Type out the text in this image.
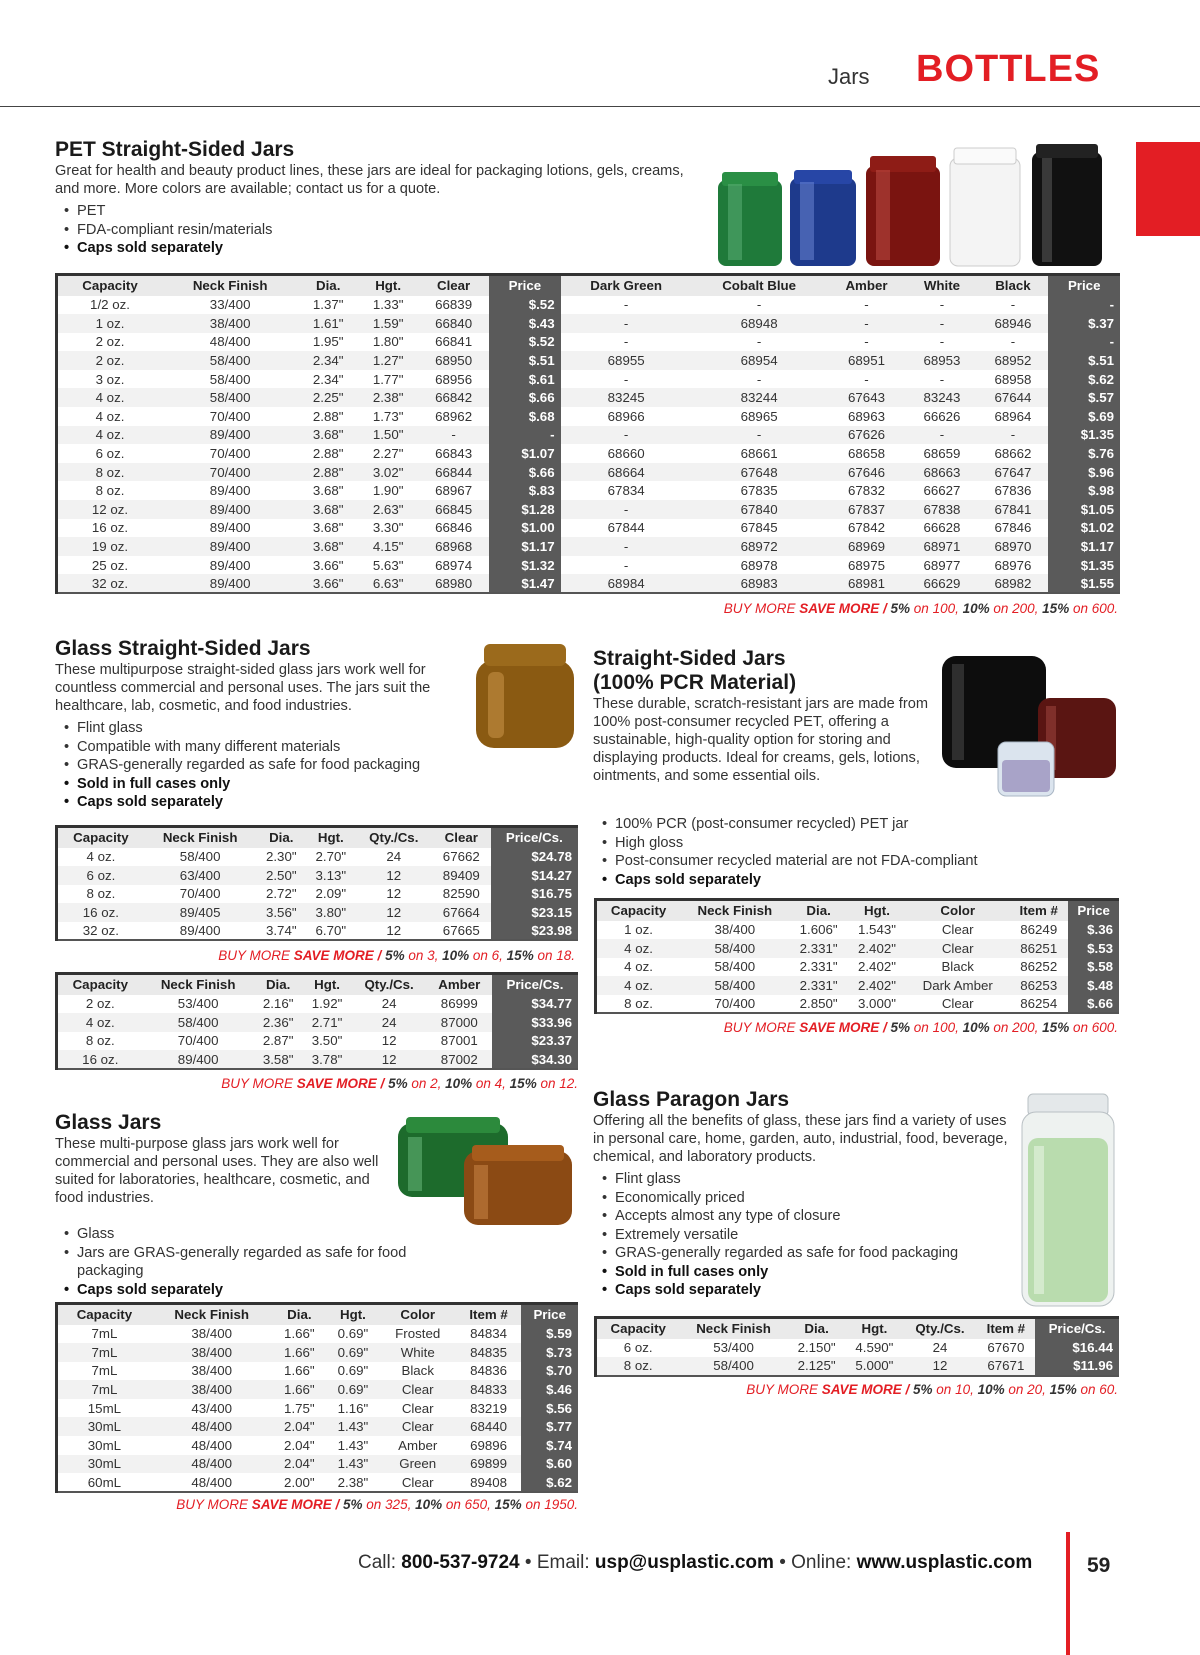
Jars BOTTLES
PET Straight-Sided Jars

Great for health and beauty product lines, these jars are ideal for packaging lotions, gels, creams, and more. More colors are available; contact us for a quote.

• PET
• FDA-compliant resin/materials
• Caps sold separately
Capacity	Neck Finish	Dia.	Hgt.	Clear	Price	Dark Green	Cobalt Blue	Amber	White	Black	Price
1/2 oz.	33/400	1.37"	1.33"	66839	$.52	-	-	-	-	-	-
1 oz.	38/400	1.61"	1.59"	66840	$.43	-	68948	-	-	68946	$.37
2 oz.	48/400	1.95"	1.80"	66841	$.52	-	-	-	-	-	-
2 oz.	58/400	2.34"	1.27"	68950	$.51	68955	68954	68951	68953	68952	$.51
3 oz.	58/400	2.34"	1.77"	68956	$.61	-	-	-	-	68958	$.62
4 oz.	58/400	2.25"	2.38"	66842	$.66	83245	83244	67643	83243	67644	$.57
4 oz.	70/400	2.88"	1.73"	68962	$.68	68966	68965	68963	66626	68964	$.69
4 oz.	89/400	3.68"	1.50"	-	-	-	-	67626	-	-	$1.35
6 oz.	70/400	2.88"	2.27"	66843	$1.07	68660	68661	68658	68659	68662	$.76
8 oz.	70/400	2.88"	3.02"	66844	$.66	68664	67648	67646	68663	67647	$.96
8 oz.	89/400	3.68"	1.90"	68967	$.83	67834	67835	67832	66627	67836	$.98
12 oz.	89/400	3.68"	2.63"	66845	$1.28	-	67840	67837	67838	67841	$1.05
16 oz.	89/400	3.68"	3.30"	66846	$1.00	67844	67845	67842	66628	67846	$1.02
19 oz.	89/400	3.68"	4.15"	68968	$1.17	-	68972	68969	68971	68970	$1.17
25 oz.	89/400	3.66"	5.63"	68974	$1.32	-	68978	68975	68977	68976	$1.35
32 oz.	89/400	3.66"	6.63"	68980	$1.47	68984	68983	68981	66629	68982	$1.55
BUY MORE SAVE MORE / 5% on 100, 10% on 200, 15% on 600.
Glass Straight-Sided Jars

These multipurpose straight-sided glass jars work well for countless commercial and personal uses. The jars suit the healthcare, lab, cosmetic, and food industries.

• Flint glass
• Compatible with many different materials
• GRAS-generally regarded as safe for food packaging
• Sold in full cases only
• Caps sold separately
Capacity	Neck Finish	Dia.	Hgt.	Qty./Cs.	Clear	Price/Cs.
4 oz.	58/400	2.30"	2.70"	24	67662	$24.78
6 oz.	63/400	2.50"	3.13"	12	89409	$14.27
8 oz.	70/400	2.72"	2.09"	12	82590	$16.75
16 oz.	89/405	3.56"	3.80"	12	67664	$23.15
32 oz.	89/400	3.74"	6.70"	12	67665	$23.98
BUY MORE SAVE MORE / 5% on 3, 10% on 6, 15% on 18.
Capacity	Neck Finish	Dia.	Hgt.	Qty./Cs.	Amber	Price/Cs.
2 oz.	53/400	2.16"	1.92"	24	86999	$34.77
4 oz.	58/400	2.36"	2.71"	24	87000	$33.96
8 oz.	70/400	2.87"	3.50"	12	87001	$23.37
16 oz.	89/400	3.58"	3.78"	12	87002	$34.30
BUY MORE SAVE MORE / 5% on 2, 10% on 4, 15% on 12.
Straight-Sided Jars
(100% PCR Material)

These durable, scratch-resistant jars are made from 100% post-consumer recycled PET, offering a sustainable, high-quality option for storing and displaying products. Ideal for creams, gels, lotions, ointments, and some essential oils.

• 100% PCR (post-consumer recycled) PET jar
• High gloss
• Post-consumer recycled material are not FDA-compliant
• Caps sold separately
Capacity	Neck Finish	Dia.	Hgt.	Color	Item #	Price
1 oz.	38/400	1.606"	1.543"	Clear	86249	$.36
4 oz.	58/400	2.331"	2.402"	Clear	86251	$.53
4 oz.	58/400	2.331"	2.402"	Black	86252	$.58
4 oz.	58/400	2.331"	2.402"	Dark Amber	86253	$.48
8 oz.	70/400	2.850"	3.000"	Clear	86254	$.66
BUY MORE SAVE MORE / 5% on 100, 10% on 200, 15% on 600.
Glass Jars

These multi-purpose glass jars work well for commercial and personal uses. They are also well suited for laboratories, healthcare, cosmetic, and food industries.

• Glass
• Jars are GRAS-generally regarded as safe for food packaging
• Caps sold separately
Capacity	Neck Finish	Dia.	Hgt.	Color	Item #	Price
7mL	38/400	1.66"	0.69"	Frosted	84834	$.59
7mL	38/400	1.66"	0.69"	White	84835	$.73
7mL	38/400	1.66"	0.69"	Black	84836	$.70
7mL	38/400	1.66"	0.69"	Clear	84833	$.46
15mL	43/400	1.75"	1.16"	Clear	83219	$.56
30mL	48/400	2.04"	1.43"	Clear	68440	$.77
30mL	48/400	2.04"	1.43"	Amber	69896	$.74
30mL	48/400	2.04"	1.43"	Green	69899	$.60
60mL	48/400	2.00"	2.38"	Clear	89408	$.62
BUY MORE SAVE MORE / 5% on 325, 10% on 650, 15% on 1950.
Glass Paragon Jars

Offering all the benefits of glass, these jars find a variety of uses in personal care, home, garden, auto, industrial, food, beverage, chemical, and laboratory products.

• Flint glass
• Economically priced
• Accepts almost any type of closure
• Extremely versatile
• GRAS-generally regarded as safe for food packaging
• Sold in full cases only
• Caps sold separately
Capacity	Neck Finish	Dia.	Hgt.	Qty./Cs.	Item #	Price/Cs.
6 oz.	53/400	2.150"	4.590"	24	67670	$16.44
8 oz.	58/400	2.125"	5.000"	12	67671	$11.96
BUY MORE SAVE MORE / 5% on 10, 10% on 20, 15% on 60.
Call: 800-537-9724 • Email: usp@usplastic.com • Online: www.usplastic.com	59
